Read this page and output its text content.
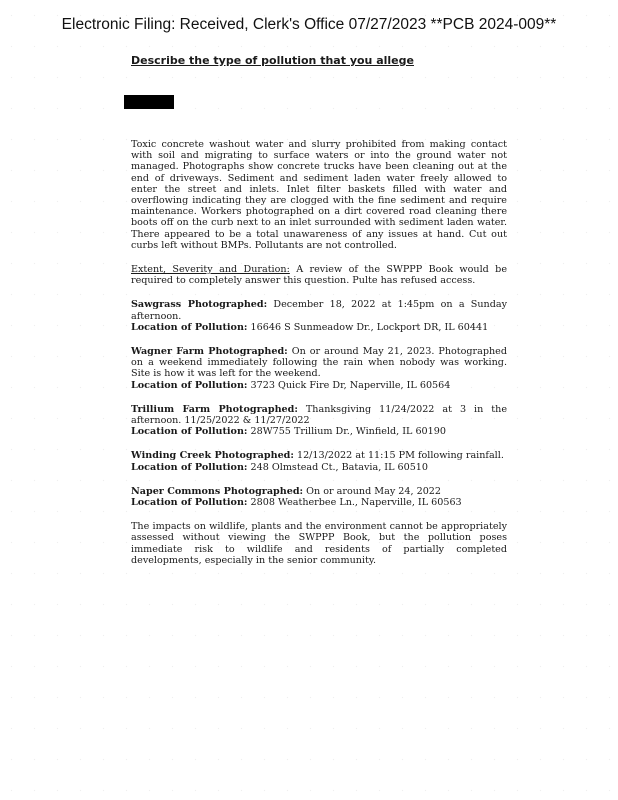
Electronic Filing: Received, Clerk's Office 07/27/2023 **PCB 2024-009**
Describe the type of pollution that you allege

Toxic concrete washout water and slurry prohibited from making contact with soil and migrating to surface waters or into the ground water not managed. Photographs show concrete trucks have been cleaning out at the end of driveways. Sediment and sediment laden water freely allowed to enter the street and inlets. Inlet filter baskets filled with water and overflowing indicating they are clogged with the fine sediment and require maintenance. Workers photographed on a dirt covered road cleaning there boots off on the curb next to an inlet surrounded with sediment laden water. There appeared to be a total unawareness of any issues at hand. Cut out curbs left without BMPs. Pollutants are not controlled.

Extent, Severity and Duration: A review of the SWPPP Book would be required to completely answer this question. Pulte has refused access.

Sawgrass Photographed: December 18, 2022 at 1:45pm on a Sunday afternoon.
Location of Pollution: 16646 S Sunmeadow Dr., Lockport DR, IL 60441

Wagner Farm Photographed: On or around May 21, 2023. Photographed on a weekend immediately following the rain when nobody was working. Site is how it was left for the weekend.
Location of Pollution: 3723 Quick Fire Dr, Naperville, IL 60564

Trillium Farm Photographed: Thanksgiving 11/24/2022 at 3 in the afternoon. 11/25/2022 & 11/27/2022
Location of Pollution: 28W755 Trillium Dr., Winfield, IL 60190

Winding Creek Photographed: 12/13/2022 at 11:15 PM following rainfall.
Location of Pollution: 248 Olmstead Ct., Batavia, IL 60510

Naper Commons Photographed: On or around May 24, 2022
Location of Pollution: 2808 Weatherbee Ln., Naperville, IL 60563

The impacts on wildlife, plants and the environment cannot be appropriately assessed without viewing the SWPPP Book, but the pollution poses immediate risk to wildlife and residents of partially completed developments, especially in the senior community.
